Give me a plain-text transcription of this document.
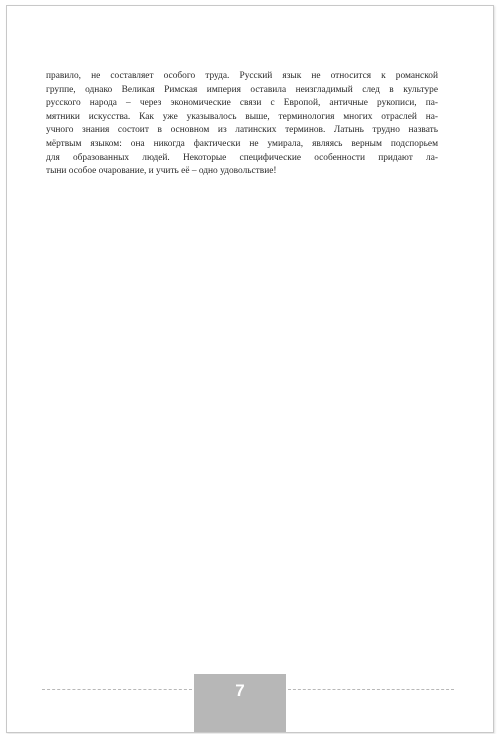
правило, не составляет особого труда. Русский язык не относится к романской
группе, однако Великая Римская империя оставила неизгладимый след в культуре
русского народа – через экономические связи с Европой, античные рукописи, па-
мятники искусства. Как уже указывалось выше, терминология многих отраслей на-
учного знания состоит в основном из латинских терминов. Латынь трудно назвать
мёртвым языком: она никогда фактически не умирала, являясь верным подспорьем
для образованных людей. Некоторые специфические особенности придают ла-
тыни особое очарование, и учить её – одно удовольствие!
7
